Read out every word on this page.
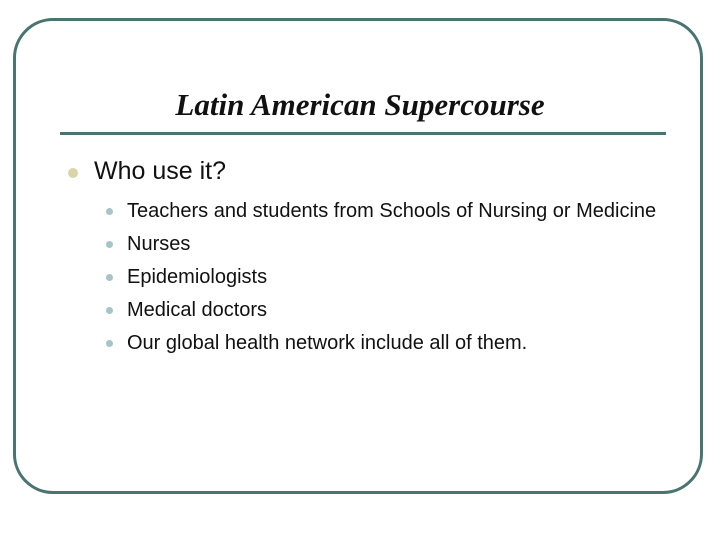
Latin American Supercourse
Who use it?
Teachers and students from Schools of Nursing or Medicine
Nurses
Epidemiologists
Medical doctors
Our global health network include all of them.
